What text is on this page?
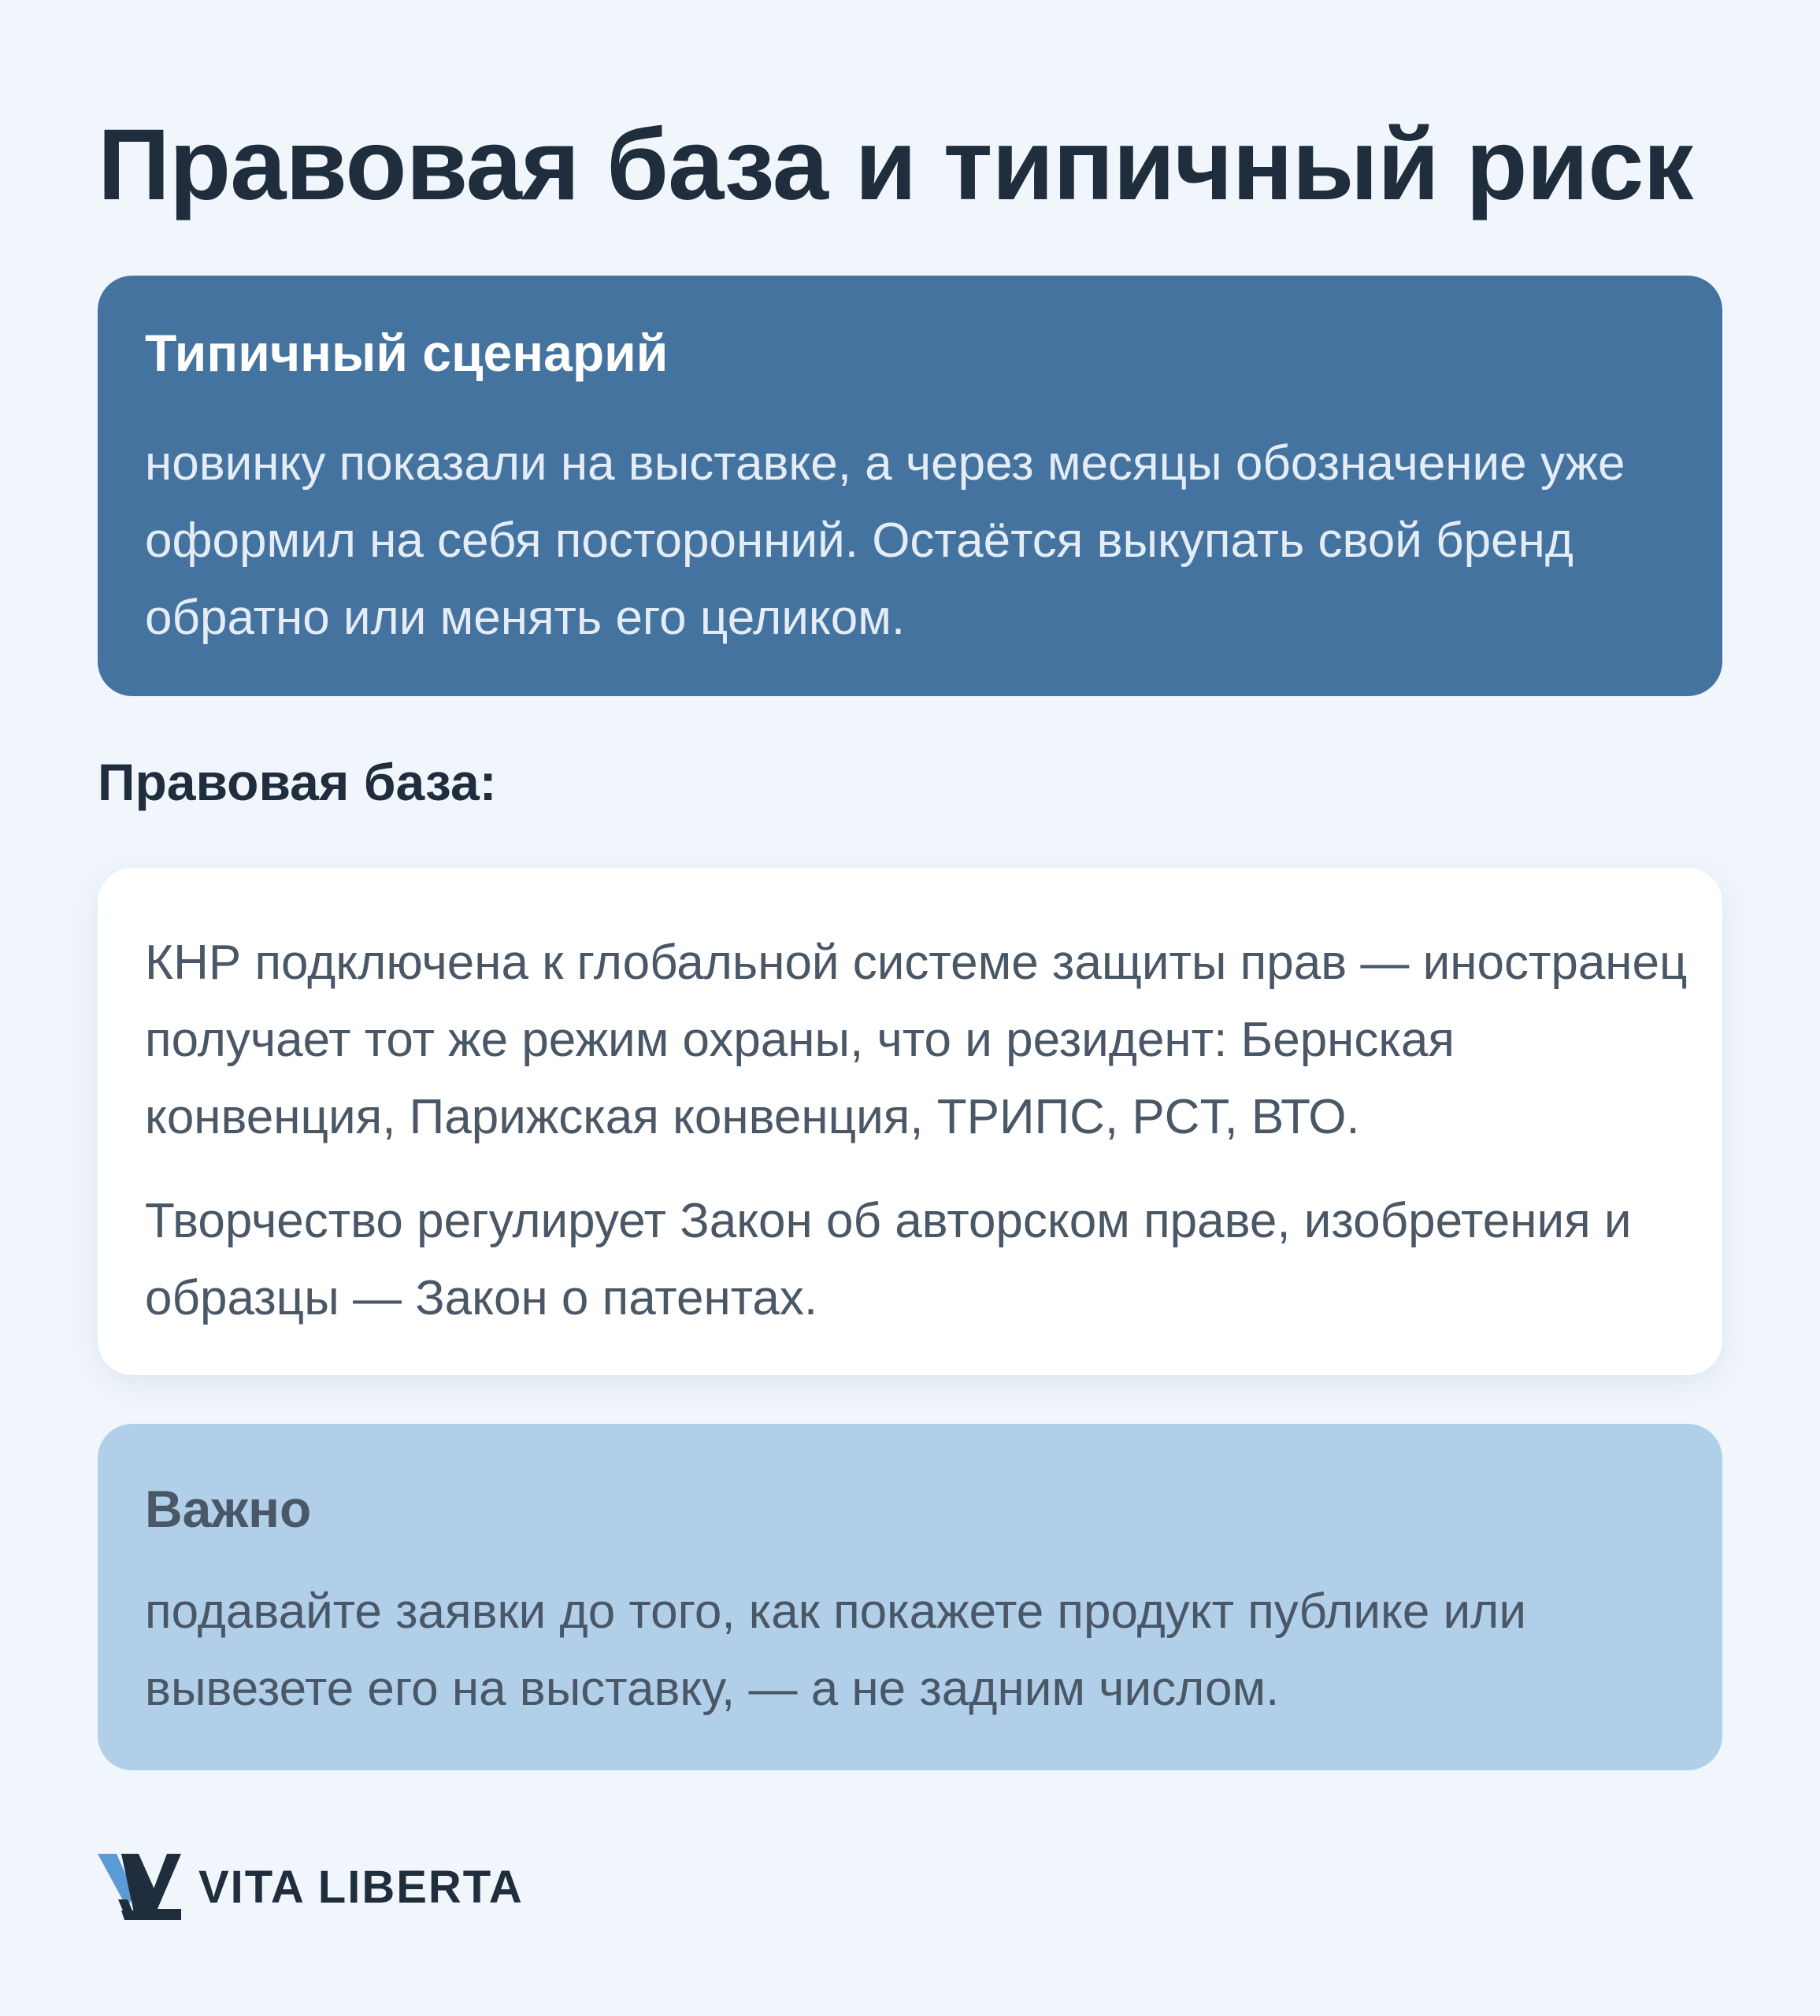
Правовая база и типичный риск
Типичный сценарий

новинку показали на выставке, а через месяцы обозначение уже оформил на себя посторонний. Остаётся выкупать свой бренд обратно или менять его целиком.

Правовая база:

КНР подключена к глобальной системе защиты прав — иностранец получает тот же режим охраны, что и резидент: Бернская конвенция, Парижская конвенция, ТРИПС, PCT, ВТО.

Творчество регулирует Закон об авторском праве, изобретения и образцы — Закон о патентах.

Важно

подавайте заявки до того, как покажете продукт публике или вывезете его на выставку, — а не задним числом.

VITA LIBERTA
